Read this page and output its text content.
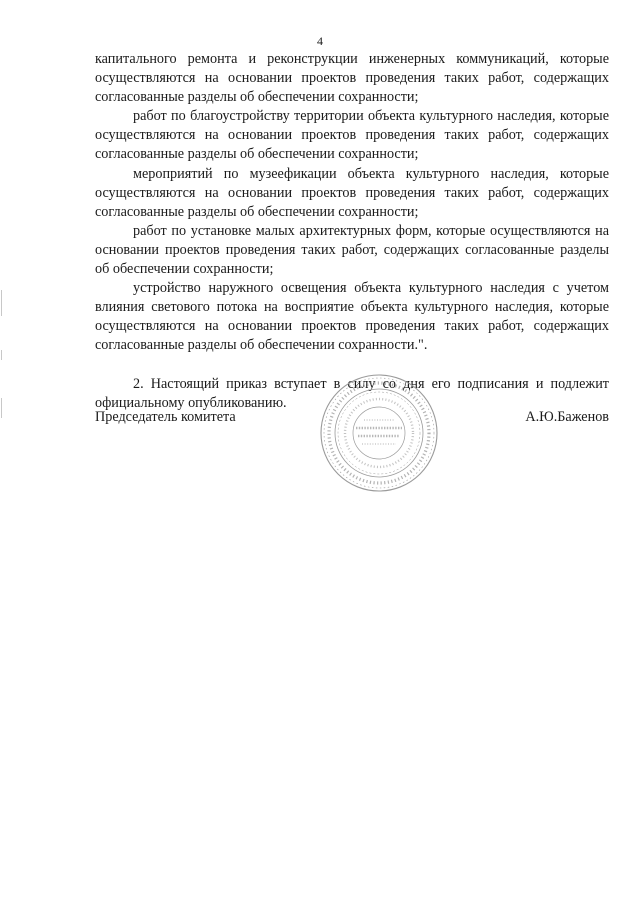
4

капитального ремонта и реконструкции инженерных коммуникаций, которые осуществляются на основании проектов проведения таких работ, содержащих согласованные разделы об обеспечении сохранности;

работ по благоустройству территории объекта культурного наследия, которые осуществляются на основании проектов проведения таких работ, содержащих согласованные разделы об обеспечении сохранности;

мероприятий по музеефикации объекта культурного наследия, которые осуществляются на основании проектов проведения таких работ, содержащих согласованные разделы об обеспечении сохранности;

работ по установке малых архитектурных форм, которые осуществляются на основании проектов проведения таких работ, содержащих согласованные разделы об обеспечении сохранности;

устройство наружного освещения объекта культурного наследия с учетом влияния светового потока на восприятие объекта культурного наследия, которые осуществляются на основании проектов проведения таких работ, содержащих согласованные разделы об обеспечении сохранности.".

2. Настоящий приказ вступает в силу со дня его подписания и подлежит официальному опубликованию.

Председатель комитета	А.Ю.Баженов
